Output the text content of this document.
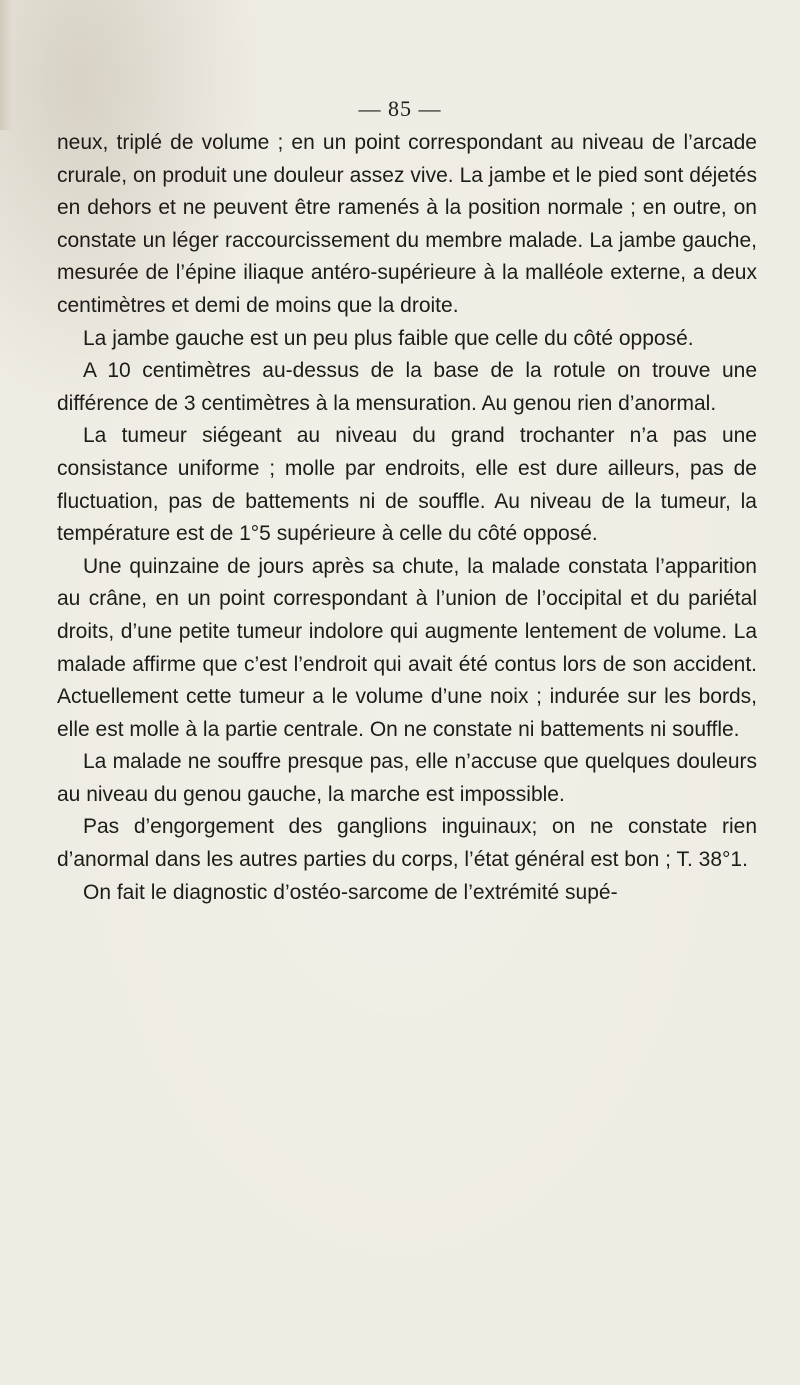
— 85 —

neux, triplé de volume ; en un point correspondant au niveau de l’arcade crurale, on produit une douleur assez vive. La jambe et le pied sont déjetés en dehors et ne peuvent être ramenés à la position normale ; en outre, on constate un léger raccourcissement du membre malade. La jambe gauche, mesurée de l’épine iliaque antéro-supérieure à la malléole externe, a deux centimètres et demi de moins que la droite.

La jambe gauche est un peu plus faible que celle du côté opposé.

A 10 centimètres au-dessus de la base de la rotule on trouve une différence de 3 centimètres à la mensuration. Au genou rien d’anormal.

La tumeur siégeant au niveau du grand trochanter n’a pas une consistance uniforme ; molle par endroits, elle est dure ailleurs, pas de fluctuation, pas de battements ni de souffle. Au niveau de la tumeur, la température est de 1°5 supérieure à celle du côté opposé.

Une quinzaine de jours après sa chute, la malade constata l’apparition au crâne, en un point correspondant à l’union de l’occipital et du pariétal droits, d’une petite tumeur indolore qui augmente lentement de volume. La malade affirme que c’est l’endroit qui avait été contus lors de son accident. Actuellement cette tumeur a le volume d’une noix ; indurée sur les bords, elle est molle à la partie centrale. On ne constate ni battements ni souffle.

La malade ne souffre presque pas, elle n’accuse que quelques douleurs au niveau du genou gauche, la marche est impossible.

Pas d’engorgement des ganglions inguinaux; on ne constate rien d’anormal dans les autres parties du corps, l’état général est bon ; T. 38°1.

On fait le diagnostic d’ostéo-sarcome de l’extrémité supé-
